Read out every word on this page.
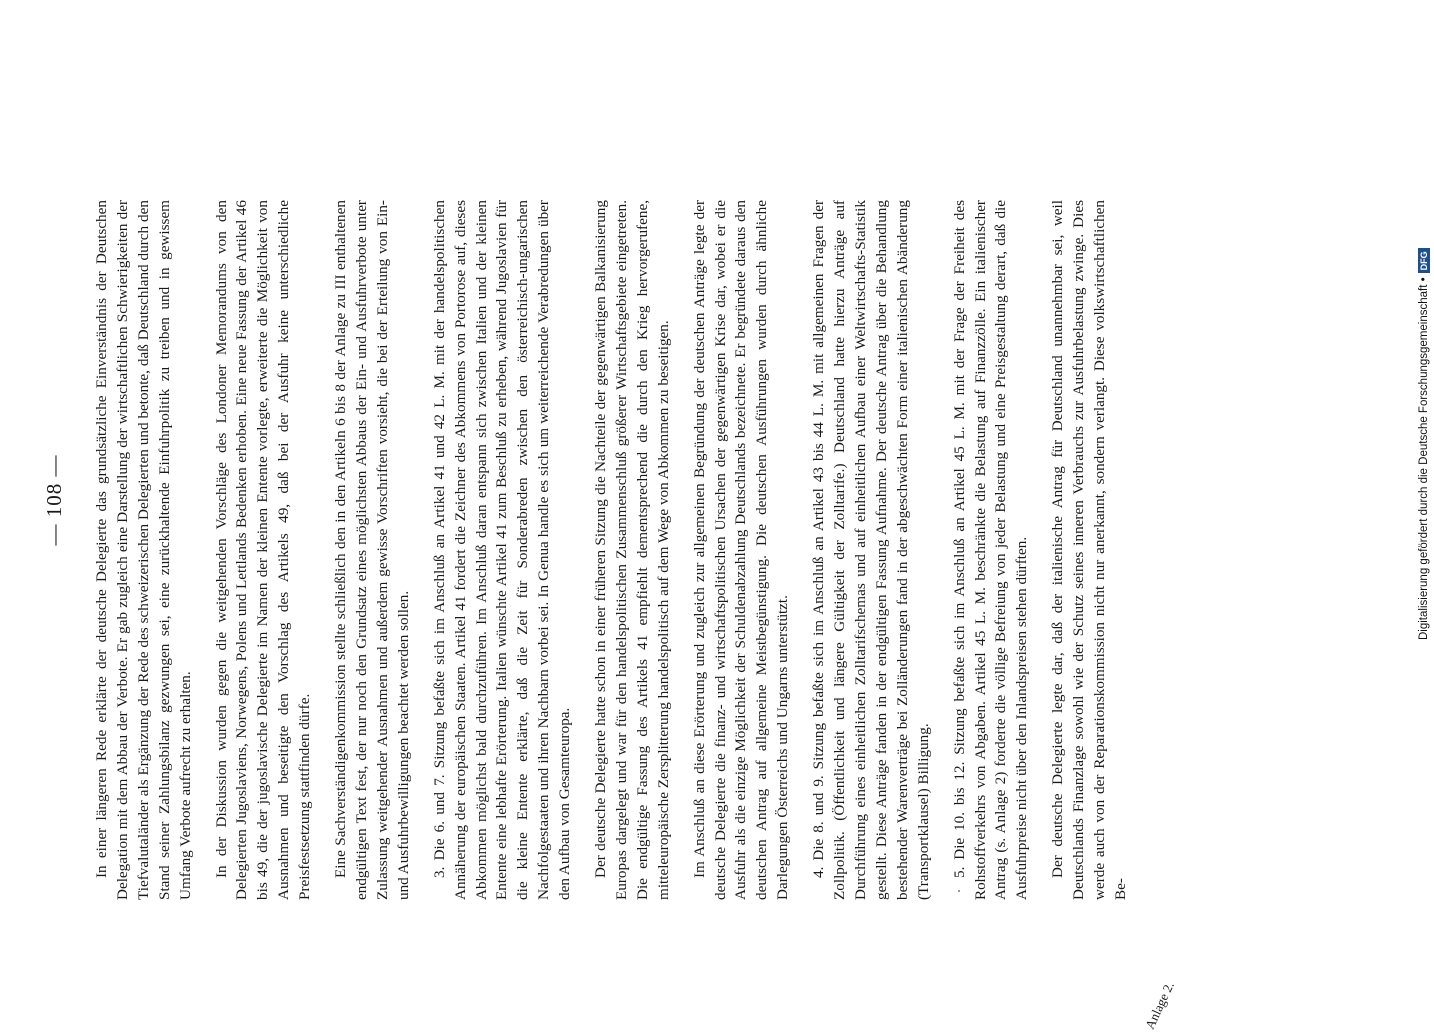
— 108 — In einer längeren Rede erklärte der deutsche Delegierte das grundsätzliche Einverständnis der Deutschen Delegation mit dem Abbau der Verbote. Er gab zugleich eine Darstellung der wirtschaftlichen Schwierigkeiten der Tiefvalutaländer als Ergänzung der Rede des schweizerischen Delegierten und betonte, daß Deutschland durch den Stand seiner Zahlungsbilanz gezwungen sei, eine zurückhaltende Einfuhrpolitik zu treiben und in gewissem Umfang Verbote aufrecht zu erhalten. In der Diskussion wurden gegen die weitgehenden Vorschläge des Londoner Memorandums von den Delegierten Jugoslaviens, Norwegens, Polens und Lettlands Bedenken erhoben. Eine neue Fassung der Artikel 46 bis 49, die der jugoslavische Delegierte im Namen der kleinen Entente vorlegte, erweiterte die Möglichkeit von Ausnahmen und beseitigte den Vorschlag des Artikels 49, daß bei der Ausfuhr keine unterschiedliche Preisfestsetzung stattfinden dürfe. Eine Sachverständigenkommission stellte schließlich den in den Artikeln 6 bis 8 der Anlage zu III enthaltenen endgültigen Text fest, der nur noch den Grundsatz eines möglichsten Abbaus der Ein- und Ausfuhrverbote unter Zulassung weitgehender Ausnahmen und außerdem gewisse Vorschriften vorsieht, die bei der Erteilung von Ein- und Ausfuhrbewilligungen beachtet werden sollen. 3. Die 6. und 7. Sitzung befaßte sich im Anschluß an Artikel 41 und 42 L. M. mit der handelspolitischen Annäherung der europäischen Staaten. Artikel 41 fordert die Zeichner des Abkommens von Portorose auf, dieses Abkommen möglichst bald durchzuführen. Im Anschluß daran entspann sich zwischen Italien und der kleinen Entente eine lebhafte Erörterung. Italien wünschte Artikel 41 zum Beschluß zu erheben, während Jugoslavien für die kleine Entente erklärte, daß die Zeit für Sonderabreden zwischen den österreichisch-ungarischen Nachfolgestaaten und ihren Nachbarn vorbei sei. In Genua handle es sich um weiterreichende Verabredungen über den Aufbau von Gesamteuropa. Der deutsche Delegierte hatte schon in einer früheren Sitzung die Nachteile der gegenwärtigen Balkanisierung Europas dargelegt und war für den handelspolitischen Zusammenschluß größerer Wirtschaftsgebiete eingetreten. Die endgültige Fassung des Artikels 41 empfiehlt dementsprechend die durch den Krieg hervorgerufene, mitteleuropäische Zersplitterung handelspolitisch auf dem Wege von Abkommen zu beseitigen. Im Anschluß an diese Erörterung und zugleich zur allgemeinen Begründung der deutschen Anträge legte der deutsche Delegierte die finanz- und wirtschaftspolitischen Ursachen der gegenwärtigen Krise dar, wobei er die Ausfuhr als die einzige Möglichkeit der Schuldenabzahlung Deutschlands bezeichnete. Er begründete daraus den deutschen Antrag auf allgemeine Meistbegünstigung. Die deutschen Ausführungen wurden durch ähnliche Darlegungen Österreichs und Ungarns unterstützt. 4. Die 8. und 9. Sitzung befaßte sich im Anschluß an Artikel 43 bis 44 L. M. mit allgemeinen Fragen der Zollpolitik. (Öffentlichkeit und längere Gültigkeit der Zolltarife.) Deutschland hatte hierzu Anträge auf Durchführung eines einheitlichen Zolltarifschemas und auf einheitlichen Aufbau einer Weltwirtschafts-Statistik gestellt. Diese Anträge fanden in der endgültigen Fassung Aufnahme. Der deutsche Antrag über die Behandlung bestehender Warenverträge bei Zolländerungen fand in der abgeschwächten Form einer italienischen Abänderung (Transportklausel) Billigung. 5. Die 10. bis 12. Sitzung befaßte sich im Anschluß an Artikel 45 L. M. mit der Frage der Freiheit des Rohstoffverkehrs von Abgaben. Artikel 45 L. M. beschränkte die Belastung auf Finanzzölle. Ein italienischer Antrag (s. Anlage 2) forderte die völlige Befreiung von jeder Belastung und eine Preisgestaltung derart, daß die Ausfuhrpreise nicht über den Inlandspreisen stehen dürften. Der deutsche Delegierte legte dar, daß der italienische Antrag für Deutschland unannehmbar sei, weil Deutschlands Finanzlage sowohl wie der Schutz seines inneren Verbrauchs zur Ausfuhrbelastung zwinge. Dies werde auch von der Reparationskommission nicht nur anerkannt, sondern verlangt. Diese volkswirtschaftlichen Be-

Anlage 2.
Digitalisierung gefördert durch die Deutsche Forschungsgemeinschaft •
DFG
